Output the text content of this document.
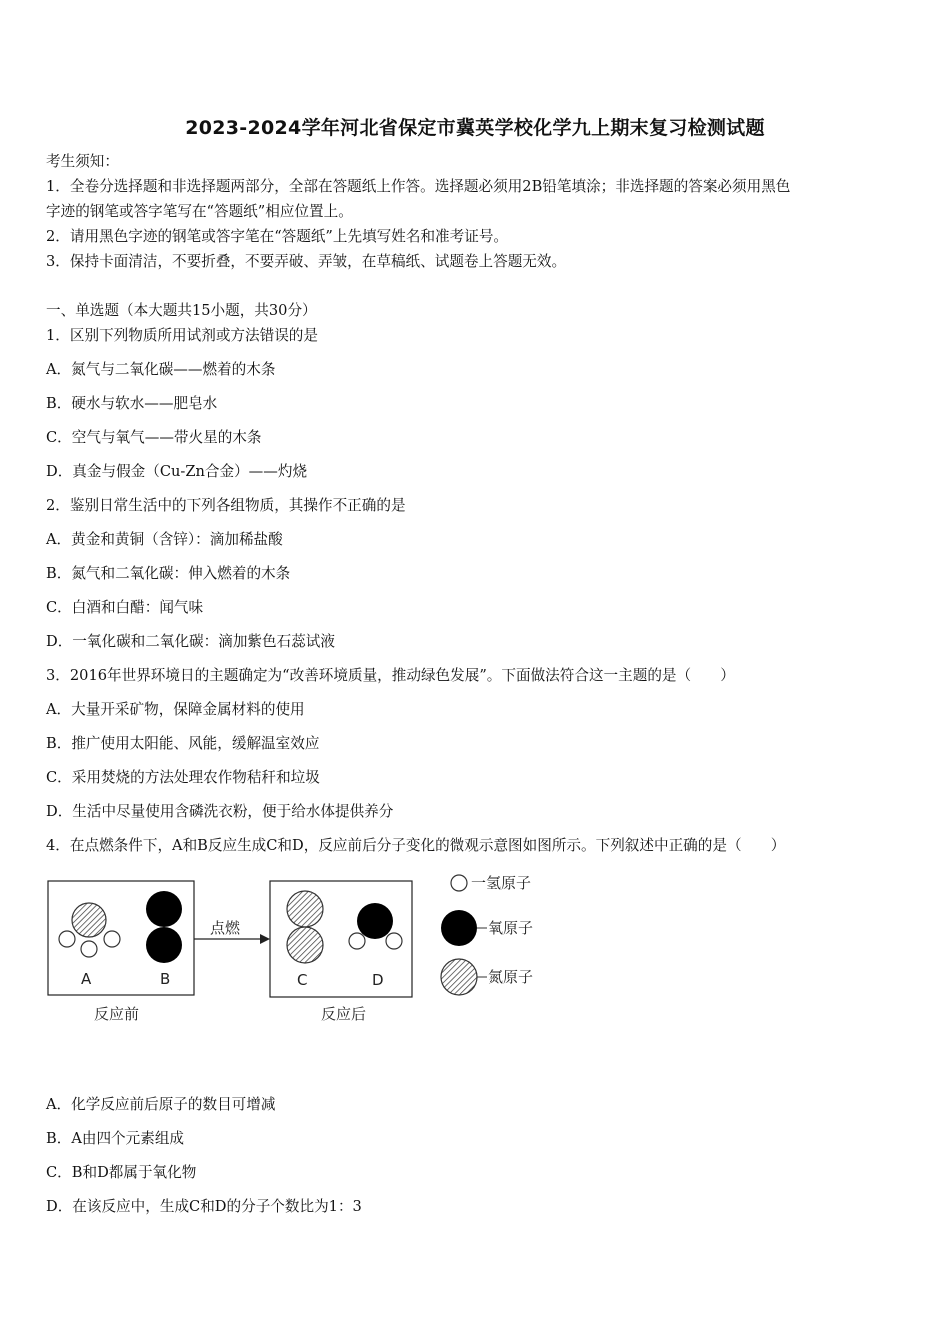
2023-2024学年河北省保定市冀英学校化学九上期末复习检测试题
考生须知：
1．全卷分选择题和非选择题两部分，全部在答题纸上作答。选择题必须用2B铅笔填涂；非选择题的答案必须用黑色
字迹的钢笔或答字笔写在“答题纸”相应位置上。
2．请用黑色字迹的钢笔或答字笔在“答题纸”上先填写姓名和准考证号。
3．保持卡面清洁，不要折叠，不要弄破、弄皱，在草稿纸、试题卷上答题无效。
一、单选题（本大题共15小题，共30分）
1．区别下列物质所用试剂或方法错误的是
A．氮气与二氧化碳——燃着的木条
B．硬水与软水——肥皂水
C．空气与氧气——带火星的木条
D．真金与假金（Cu-Zn合金）——灼烧
2．鉴别日常生活中的下列各组物质，其操作不正确的是
A．黄金和黄铜（含锌）：滴加稀盐酸
B．氮气和二氧化碳：伸入燃着的木条
C．白酒和白醋：闻气味
D．一氧化碳和二氧化碳：滴加紫色石蕊试液
3．2016年世界环境日的主题确定为“改善环境质量，推动绿色发展”。下面做法符合这一主题的是（　　）
A．大量开采矿物，保障金属材料的使用
B．推广使用太阳能、风能，缓解温室效应
C．采用焚烧的方法处理农作物秸秆和垃圾
D．生活中尽量使用含磷洗衣粉，便于给水体提供养分
4．在点燃条件下，A和B反应生成C和D，反应前后分子变化的微观示意图如图所示。下列叙述中正确的是（　　）
A	B
点燃
C	D
反应前	反应后
一氢原子
氧原子
氮原子
A．化学反应前后原子的数目可增减
B．A由四个元素组成
C．B和D都属于氧化物
D．在该反应中，生成C和D的分子个数比为1：3
